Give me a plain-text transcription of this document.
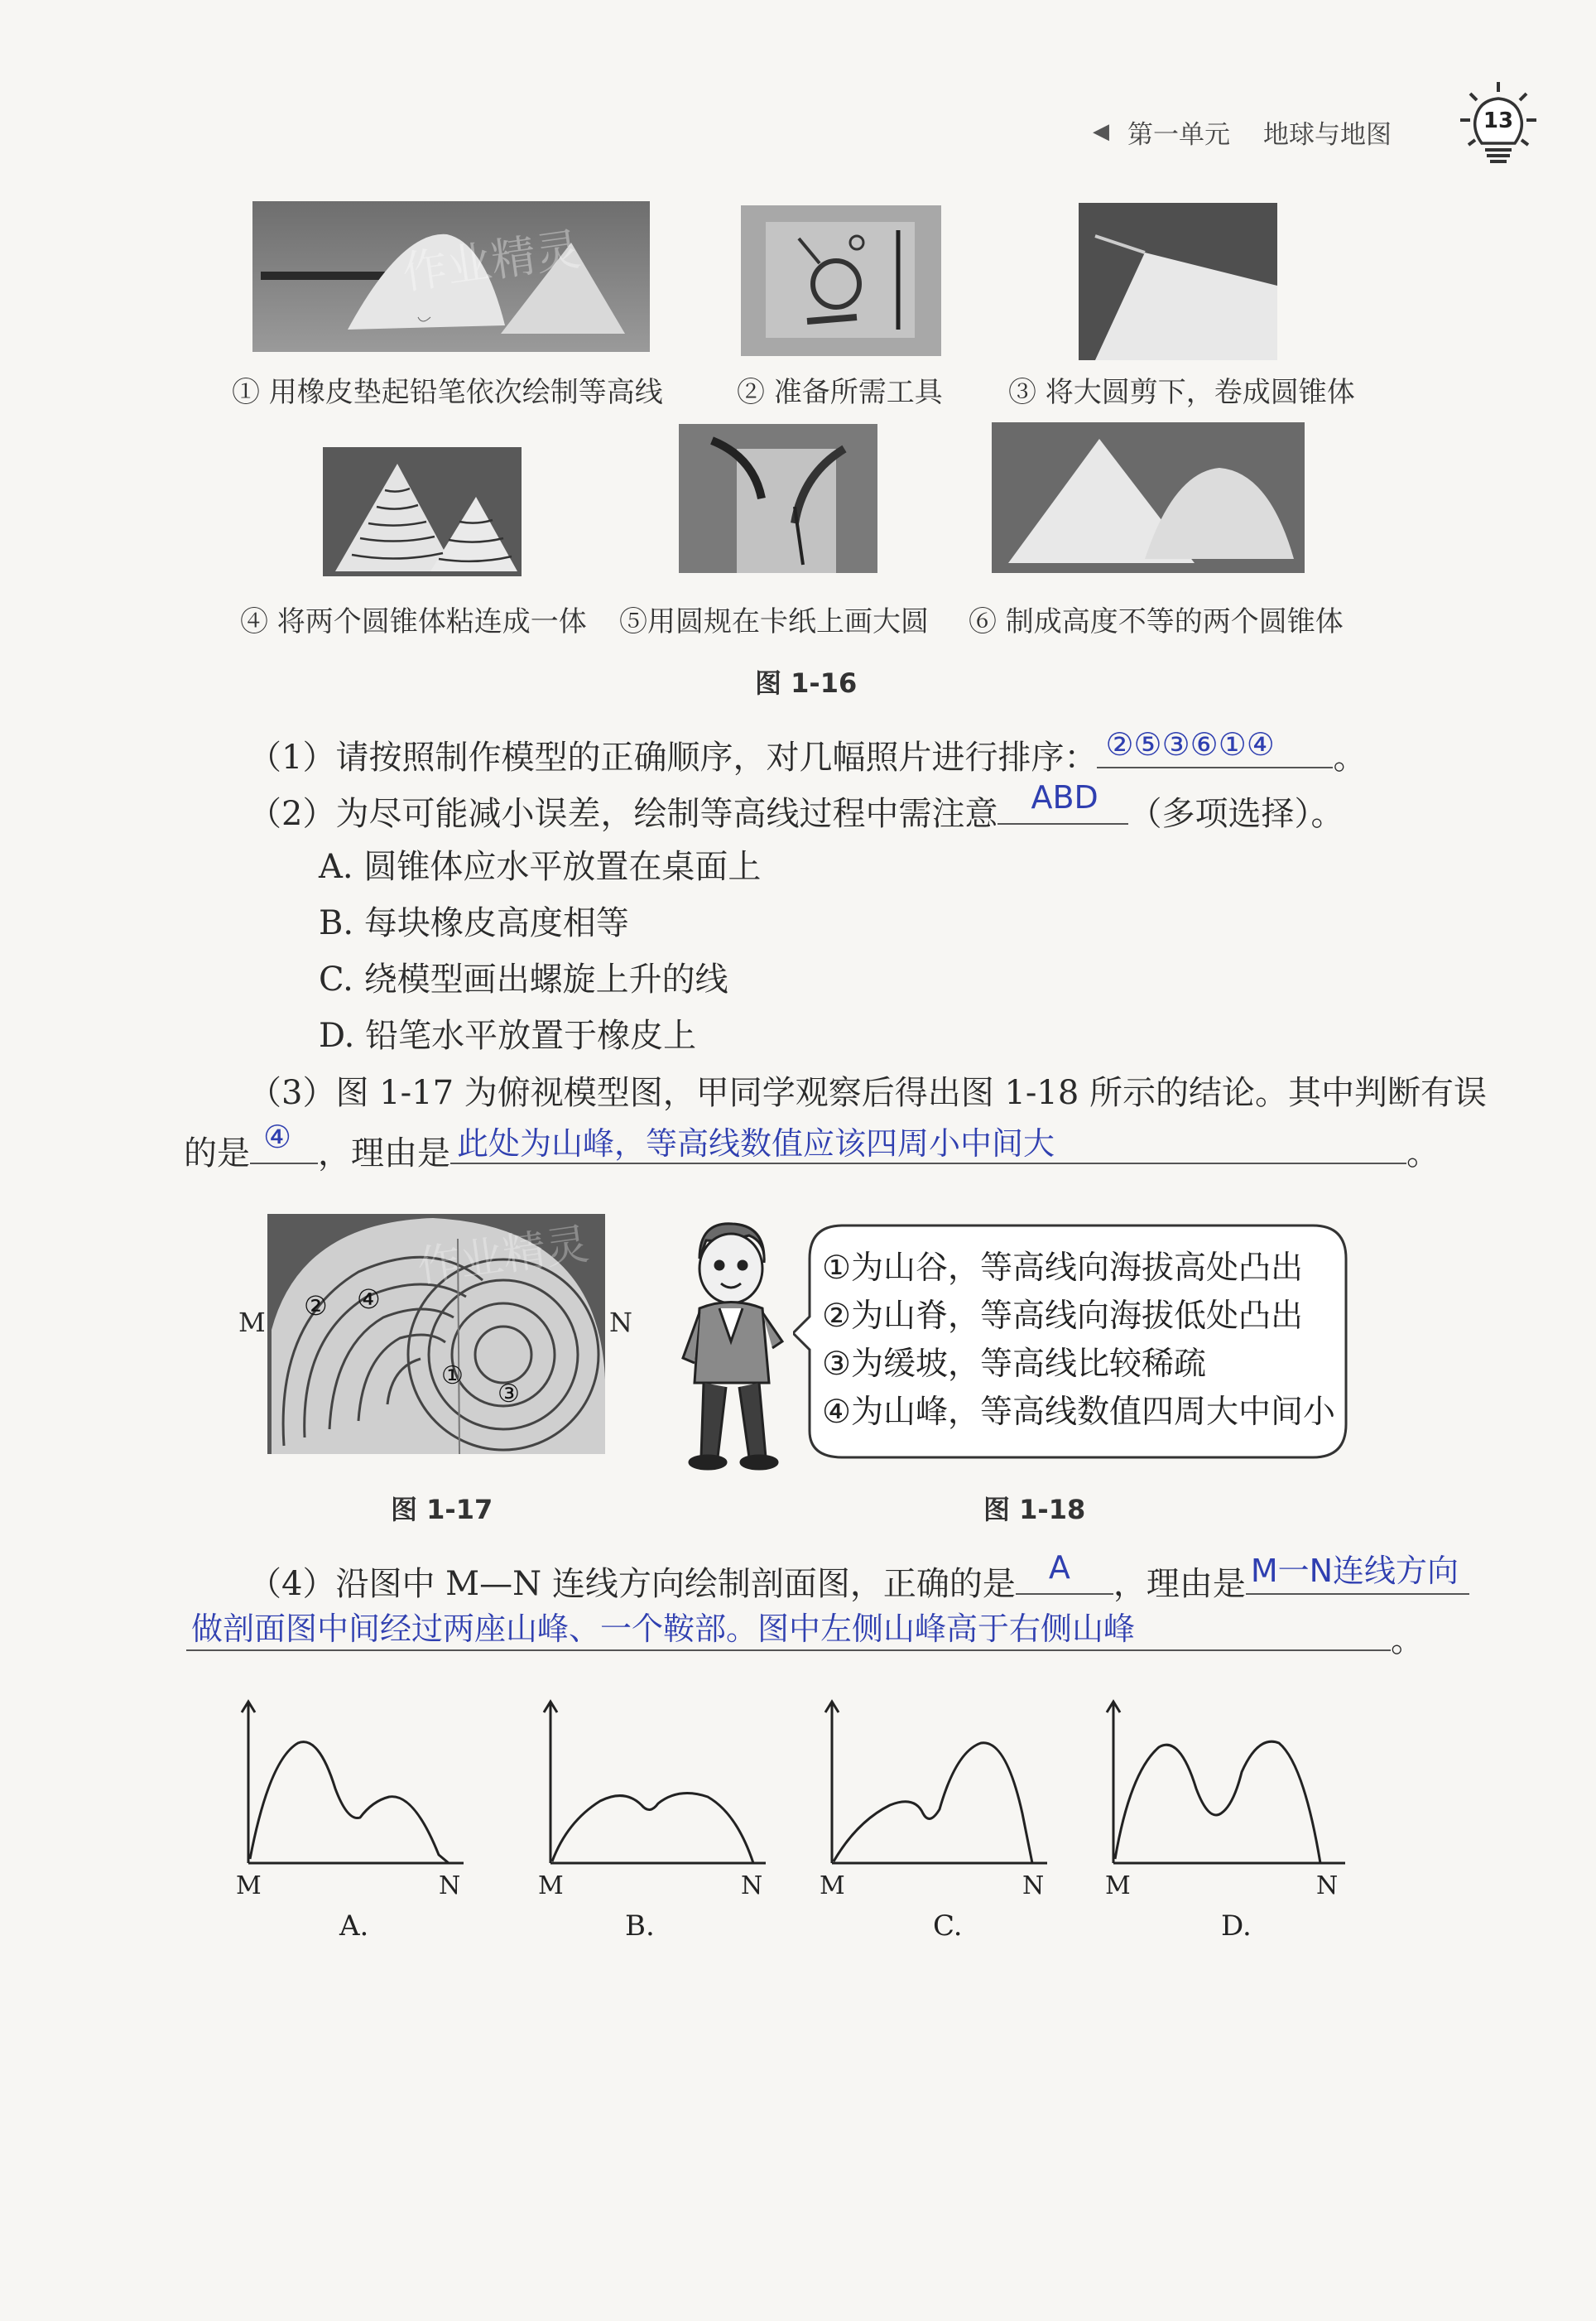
◀ 第一单元 地球与地图	13
作业精灵
① 用橡皮垫起铅笔依次绘制等高线	② 准备所需工具 ③ 将大圆剪下，卷成圆锥体
④ 将两个圆锥体粘连成一体 ⑤用圆规在卡纸上画大圆 ⑥ 制成高度不等的两个圆锥体
图 1-16
（1）请按照制作模型的正确顺序，对几幅照片进行排序： ②⑤③⑥①④ 。
（2）为尽可能减小误差，绘制等高线过程中需注意 ABD （多项选择）。
A. 圆锥体应水平放置在桌面上
B. 每块橡皮高度相等
C. 绕模型画出螺旋上升的线
D. 铅笔水平放置于橡皮上
（3）图 1-17 为俯视模型图，甲同学观察后得出图 1-18 所示的结论。其中判断有误
的是 ④ ，理由是 此处为山峰，等高线数值应该四周小中间大	。
M	N
② ④
①
③
作业精灵
图 1-17
①为山谷，等高线向海拔高处凸出
②为山脊，等高线向海拔低处凸出
③为缓坡，等高线比较稀疏
④为山峰，等高线数值四周大中间小
图 1-18
（4）沿图中 M—N 连线方向绘制剖面图，正确的是 A ，理由是 M一N连线方向
做剖面图中间经过两座山峰、一个鞍部。图中左侧山峰高于右侧山峰	。
M	N
A.
M	N
B.
M	N
C.
M	N
D.
